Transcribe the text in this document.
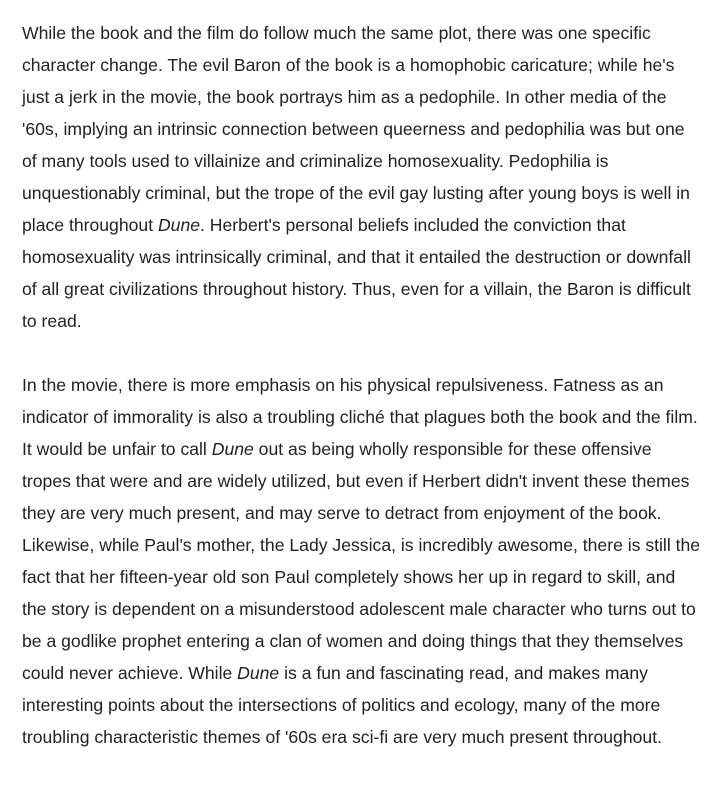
While the book and the film do follow much the same plot, there was one specific character change. The evil Baron of the book is a homophobic caricature; while he's just a jerk in the movie, the book portrays him as a pedophile. In other media of the '60s, implying an intrinsic connection between queerness and pedophilia was but one of many tools used to villainize and criminalize homosexuality. Pedophilia is unquestionably criminal, but the trope of the evil gay lusting after young boys is well in place throughout Dune. Herbert's personal beliefs included the conviction that homosexuality was intrinsically criminal, and that it entailed the destruction or downfall of all great civilizations throughout history. Thus, even for a villain, the Baron is difficult to read.

In the movie, there is more emphasis on his physical repulsiveness. Fatness as an indicator of immorality is also a troubling cliché that plagues both the book and the film. It would be unfair to call Dune out as being wholly responsible for these offensive tropes that were and are widely utilized, but even if Herbert didn't invent these themes they are very much present, and may serve to detract from enjoyment of the book. Likewise, while Paul's mother, the Lady Jessica, is incredibly awesome, there is still the fact that her fifteen-year old son Paul completely shows her up in regard to skill, and the story is dependent on a misunderstood adolescent male character who turns out to be a godlike prophet entering a clan of women and doing things that they themselves could never achieve. While Dune is a fun and fascinating read, and makes many interesting points about the intersections of politics and ecology, many of the more troubling characteristic themes of '60s era sci-fi are very much present throughout.
